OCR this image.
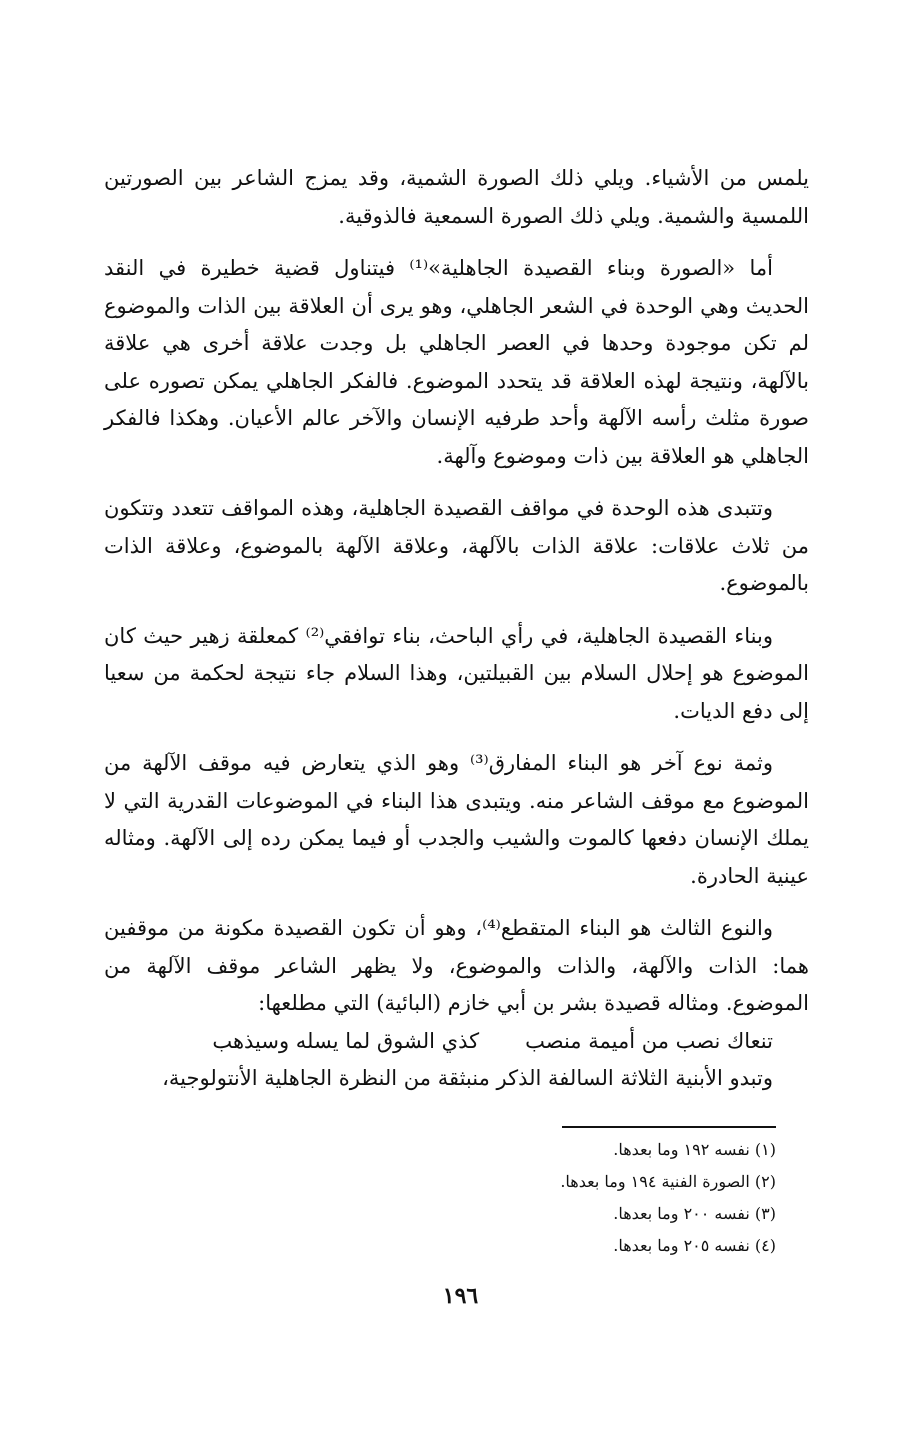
يلمس من الأشياء. ويلي ذلك الصورة الشمية، وقد يمزج الشاعر بين الصورتين اللمسية والشمية. ويلي ذلك الصورة السمعية فالذوقية.

أما «الصورة وبناء القصيدة الجاهلية»⁽¹⁾ فيتناول قضية خطيرة في النقد الحديث وهي الوحدة في الشعر الجاهلي، وهو يرى أن العلاقة بين الذات والموضوع لم تكن موجودة وحدها في العصر الجاهلي بل وجدت علاقة أخرى هي علاقة بالآلهة، ونتيجة لهذه العلاقة قد يتحدد الموضوع. فالفكر الجاهلي يمكن تصوره على صورة مثلث رأسه الآلهة وأحد طرفيه الإنسان والآخر عالم الأعيان. وهكذا فالفكر الجاهلي هو العلاقة بين ذات وموضوع وآلهة.

وتتبدى هذه الوحدة في مواقف القصيدة الجاهلية، وهذه المواقف تتعدد وتتكون من ثلاث علاقات: علاقة الذات بالآلهة، وعلاقة الآلهة بالموضوع، وعلاقة الذات بالموضوع.

وبناء القصيدة الجاهلية، في رأي الباحث، بناء توافقي⁽²⁾ كمعلقة زهير حيث كان الموضوع هو إحلال السلام بين القبيلتين، وهذا السلام جاء نتيجة لحكمة من سعيا إلى دفع الديات.

وثمة نوع آخر هو البناء المفارق⁽³⁾ وهو الذي يتعارض فيه موقف الآلهة من الموضوع مع موقف الشاعر منه. ويتبدى هذا البناء في الموضوعات القدرية التي لا يملك الإنسان دفعها كالموت والشيب والجدب أو فيما يمكن رده إلى الآلهة. ومثاله عينية الحادرة.

والنوع الثالث هو البناء المتقطع⁽⁴⁾، وهو أن تكون القصيدة مكونة من موقفين هما: الذات والآلهة، والذات والموضوع، ولا يظهر الشاعر موقف الآلهة من الموضوع. ومثاله قصيدة بشر بن أبي خازم (البائية) التي مطلعها:

تنعاك نصب من أميمة منصب
كذي الشوق لما يسله وسيذهب

وتبدو الأبنية الثلاثة السالفة الذكر منبثقة من النظرة الجاهلية الأنتولوجية،

(١) نفسه ١٩٢ وما بعدها.

(٢) الصورة الفنية ١٩٤ وما بعدها.

(٣) نفسه ٢٠٠ وما بعدها.

(٤) نفسه ٢٠٥ وما بعدها.

١٩٦
